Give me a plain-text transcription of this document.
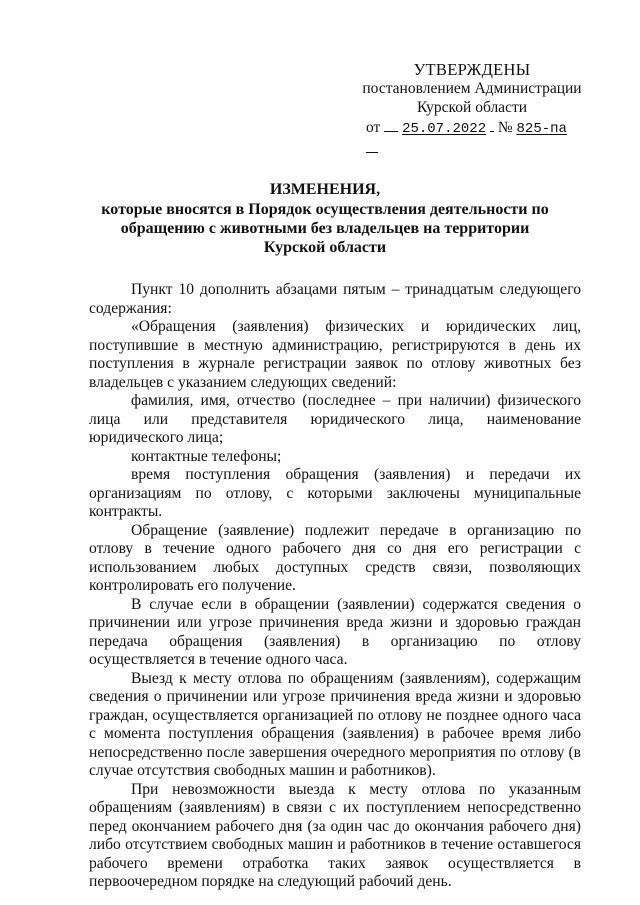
УТВЕРЖДЕНЫ
постановлением Администрации
Курской области
от 25.07.2022 № 825-па
ИЗМЕНЕНИЯ,
которые вносятся в Порядок осуществления деятельности по
обращению с животными без владельцев на территории
Курской области

Пункт 10 дополнить абзацами пятым – тринадцатым следующего содержания:

«Обращения (заявления) физических и юридических лиц, поступившие в местную администрацию, регистрируются в день их поступления в журнале регистрации заявок по отлову животных без владельцев с указанием следующих сведений:

фамилия, имя, отчество (последнее – при наличии) физического лица или представителя юридического лица, наименование юридического лица;

контактные телефоны;

время поступления обращения (заявления) и передачи их организациям по отлову, с которыми заключены муниципальные контракты.

Обращение (заявление) подлежит передаче в организацию по отлову в течение одного рабочего дня со дня его регистрации с использованием любых доступных средств связи, позволяющих контролировать его получение.

В случае если в обращении (заявлении) содержатся сведения о причинении или угрозе причинения вреда жизни и здоровью граждан передача обращения (заявления) в организацию по отлову осуществляется в течение одного часа.

Выезд к месту отлова по обращениям (заявлениям), содержащим сведения о причинении или угрозе причинения вреда жизни и здоровью граждан, осуществляется организацией по отлову не позднее одного часа с момента поступления обращения (заявления) в рабочее время либо непосредственно после завершения очередного мероприятия по отлову (в случае отсутствия свободных машин и работников).

При невозможности выезда к месту отлова по указанным обращениям (заявлениям) в связи с их поступлением непосредственно перед окончанием рабочего дня (за один час до окончания рабочего дня) либо отсутствием свободных машин и работников в течение оставшегося рабочего времени отработка таких заявок осуществляется в первоочередном порядке на следующий рабочий день.
